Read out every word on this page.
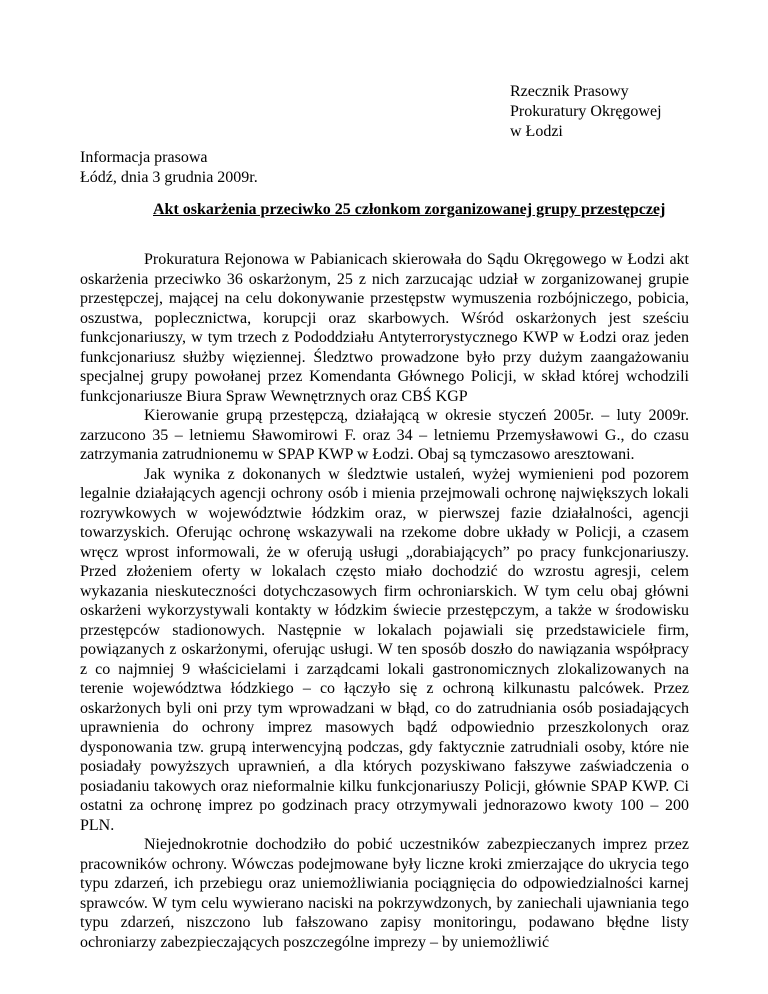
Rzecznik Prasowy
Prokuratury Okręgowej
w Łodzi
Informacja prasowa
Łódź, dnia 3 grudnia 2009r.
Akt oskarżenia przeciwko 25 członkom zorganizowanej grupy przestępczej

Prokuratura Rejonowa w Pabianicach skierowała do Sądu Okręgowego w Łodzi akt oskarżenia przeciwko 36 oskarżonym, 25 z nich zarzucając udział w zorganizowanej grupie przestępczej, mającej na celu dokonywanie przestępstw wymuszenia rozbójniczego, pobicia, oszustwa, poplecznictwa, korupcji oraz skarbowych. Wśród oskarżonych jest sześciu funkcjonariuszy, w tym trzech z Pododdziału Antyterrorystycznego KWP w Łodzi oraz jeden funkcjonariusz służby więziennej. Śledztwo prowadzone było przy dużym zaangażowaniu specjalnej grupy powołanej przez Komendanta Głównego Policji, w skład której wchodzili funkcjonariusze Biura Spraw Wewnętrznych oraz CBŚ KGP

Kierowanie grupą przestępczą, działającą w okresie styczeń 2005r. – luty 2009r. zarzucono 35 – letniemu Sławomirowi F. oraz 34 – letniemu Przemysławowi G., do czasu zatrzymania zatrudnionemu w SPAP KWP w Łodzi. Obaj są tymczasowo aresztowani.

Jak wynika z dokonanych w śledztwie ustaleń, wyżej wymienieni pod pozorem legalnie działających agencji ochrony osób i mienia przejmowali ochronę największych lokali rozrywkowych w województwie łódzkim oraz, w pierwszej fazie działalności, agencji towarzyskich. Oferując ochronę wskazywali na rzekome dobre układy w Policji, a czasem wręcz wprost informowali, że w oferują usługi „dorabiających” po pracy funkcjonariuszy. Przed złożeniem oferty w lokalach często miało dochodzić do wzrostu agresji, celem wykazania nieskuteczności dotychczasowych firm ochroniarskich. W tym celu obaj główni oskarżeni wykorzystywali kontakty w łódzkim świecie przestępczym, a także w środowisku przestępców stadionowych. Następnie w lokalach pojawiali się przedstawiciele firm, powiązanych z oskarżonymi, oferując usługi. W ten sposób doszło do nawiązania współpracy z co najmniej 9 właścicielami i zarządcami lokali gastronomicznych zlokalizowanych na terenie województwa łódzkiego – co łączyło się z ochroną kilkunastu palcówek. Przez oskarżonych byli oni przy tym wprowadzani w błąd, co do zatrudniania osób posiadających uprawnienia do ochrony imprez masowych bądź odpowiednio przeszkolonych oraz dysponowania tzw. grupą interwencyjną podczas, gdy faktycznie zatrudniali osoby, które nie posiadały powyższych uprawnień, a dla których pozyskiwano fałszywe zaświadczenia o posiadaniu takowych oraz nieformalnie kilku funkcjonariuszy Policji, głównie SPAP KWP. Ci ostatni za ochronę imprez po godzinach pracy otrzymywali jednorazowo kwoty 100 – 200 PLN.

Niejednokrotnie dochodziło do pobić uczestników zabezpieczanych imprez przez pracowników ochrony. Wówczas podejmowane były liczne kroki zmierzające do ukrycia tego typu zdarzeń, ich przebiegu oraz uniemożliwiania pociągnięcia do odpowiedzialności karnej sprawców. W tym celu wywierano naciski na pokrzywdzonych, by zaniechali ujawniania tego typu zdarzeń, niszczono lub fałszowano zapisy monitoringu, podawano błędne listy ochroniarzy zabezpieczających poszczególne imprezy – by uniemożliwić
